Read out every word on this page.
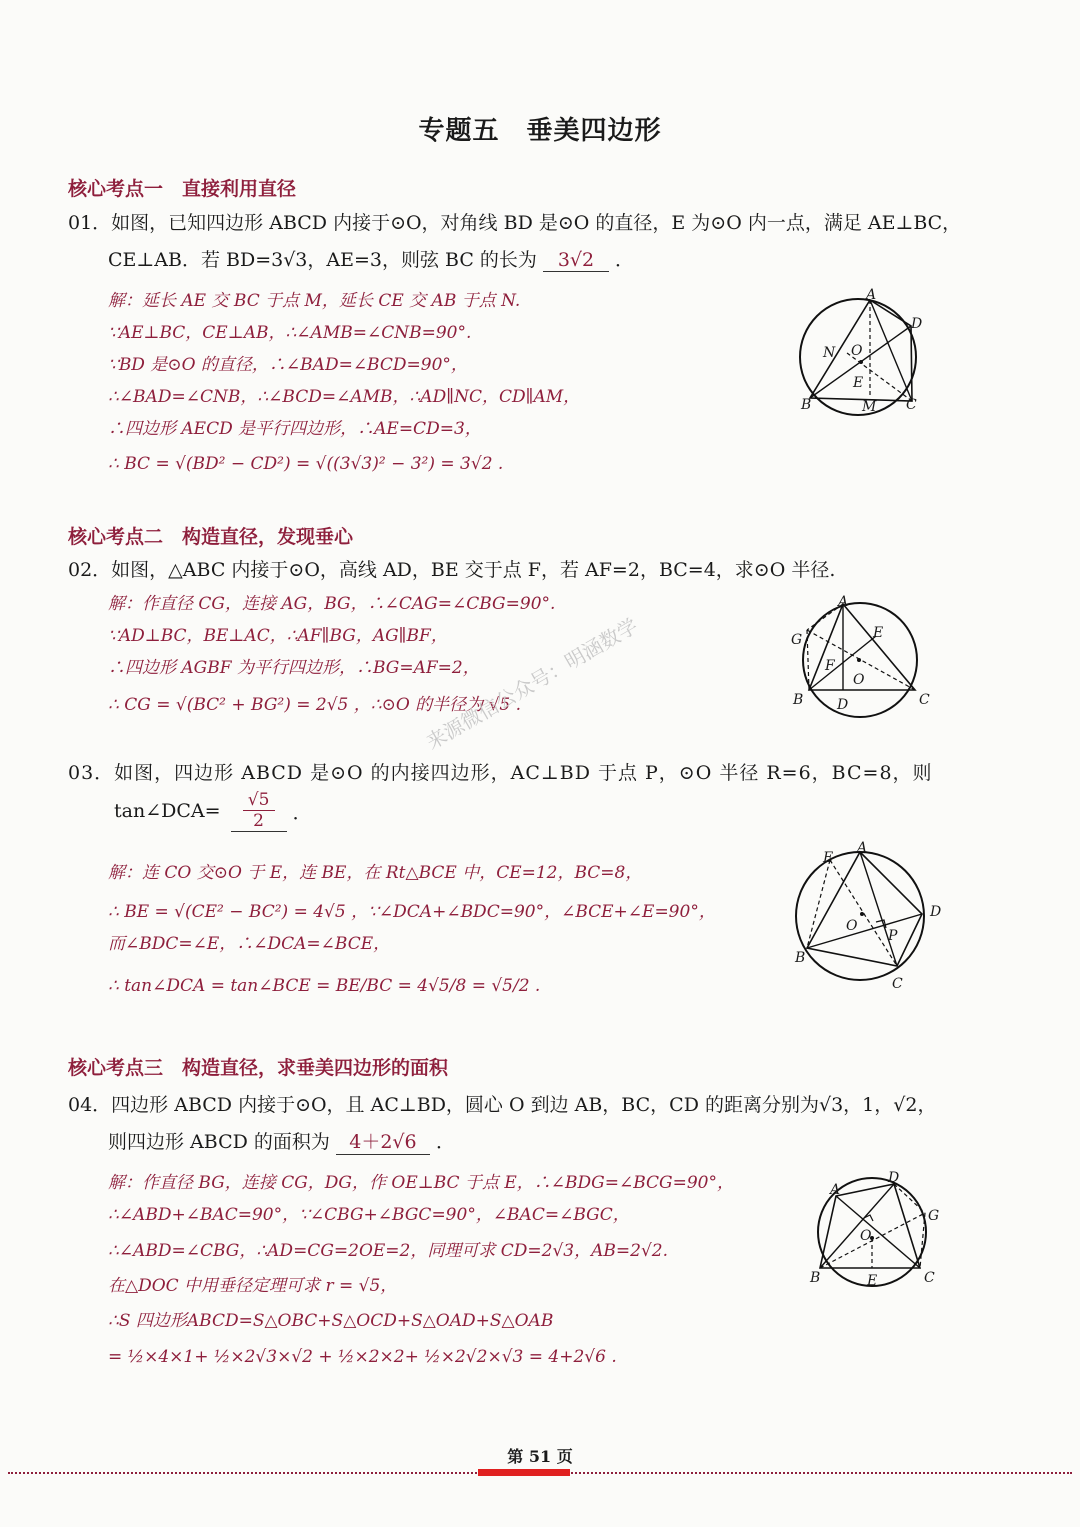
专题五　垂美四边形
核心考点一　直接利用直径
01．如图，已知四边形 ABCD 内接于⊙O，对角线 BD 是⊙O 的直径，E 为⊙O 内一点，满足 AE⊥BC，
CE⊥AB．若 BD=3√3，AE=3，则弦 BC 的长为 3√2 ．
解：延长 AE 交 BC 于点 M，延长 CE 交 AB 于点 N.
∵AE⊥BC，CE⊥AB，∴∠AMB=∠CNB=90°.
∵BD 是⊙O 的直径，∴∠BAD=∠BCD=90°，
∴∠BAD=∠CNB，∴∠BCD=∠AMB，∴AD∥NC，CD∥AM，
∴四边形 AECD 是平行四边形，∴AE=CD=3，
∴ BC = √(BD² − CD²) = √((3√3)² − 3²) = 3√2 .
A
D
N O
E
B	M C
核心考点二　构造直径，发现垂心
02．如图，△ABC 内接于⊙O，高线 AD，BE 交于点 F，若 AF=2，BC=4，求⊙O 半径.
解：作直径 CG，连接 AG，BG，∴∠CAG=∠CBG=90°.
∵AD⊥BC，BE⊥AC，∴AF∥BG，AG∥BF，
∴四边形 AGBF 为平行四边形，∴BG=AF=2，
∴ CG = √(BC² + BG²) = 2√5 ，∴⊙O 的半径为 √5 .
A
G	E
F
O
B D	C
来源微信公众号：明涵数学
03．如图，四边形 ABCD 是⊙O 的内接四边形，AC⊥BD 于点 P，⊙O 半径 R=6，BC=8，则
tan∠DCA= $\frac{√5}{2}$ ．
解：连 CO 交⊙O 于 E，连 BE，在 Rt△BCE 中，CE=12，BC=8，
∴ BE = √(CE² − BC²) = 4√5 ，∵∠DCA+∠BDC=90°，∠BCE+∠E=90°，
而∠BDC=∠E，∴∠DCA=∠BCE，
∴ tan∠DCA = tan∠BCE = BE/BC = 4√5/8 = √5/2 .
E
A
O
D
P
B
C
核心考点三　构造直径，求垂美四边形的面积
04．四边形 ABCD 内接于⊙O，且 AC⊥BD，圆心 O 到边 AB，BC，CD 的距离分别为√3，1，√2，
则四边形 ABCD 的面积为 4＋2√6 ．
解：作直径 BG，连接 CG，DG，作 OE⊥BC 于点 E，∴∠BDG=∠BCG=90°，
∴∠ABD+∠BAC=90°，∵∠CBG+∠BGC=90°，∠BAC=∠BGC，
∴∠ABD=∠CBG，∴AD=CG=2OE=2，同理可求 CD=2√3，AB=2√2.
在△DOC 中用垂径定理可求 r = √5，
∴S 四边形ABCD=S△OBC+S△OCD+S△OAD+S△OAB
= ½×4×1+ ½×2√3×√2 + ½×2×2+ ½×2√2×√3 = 4+2√6 .
A
D
G
O
B	E	C
第 51 页
